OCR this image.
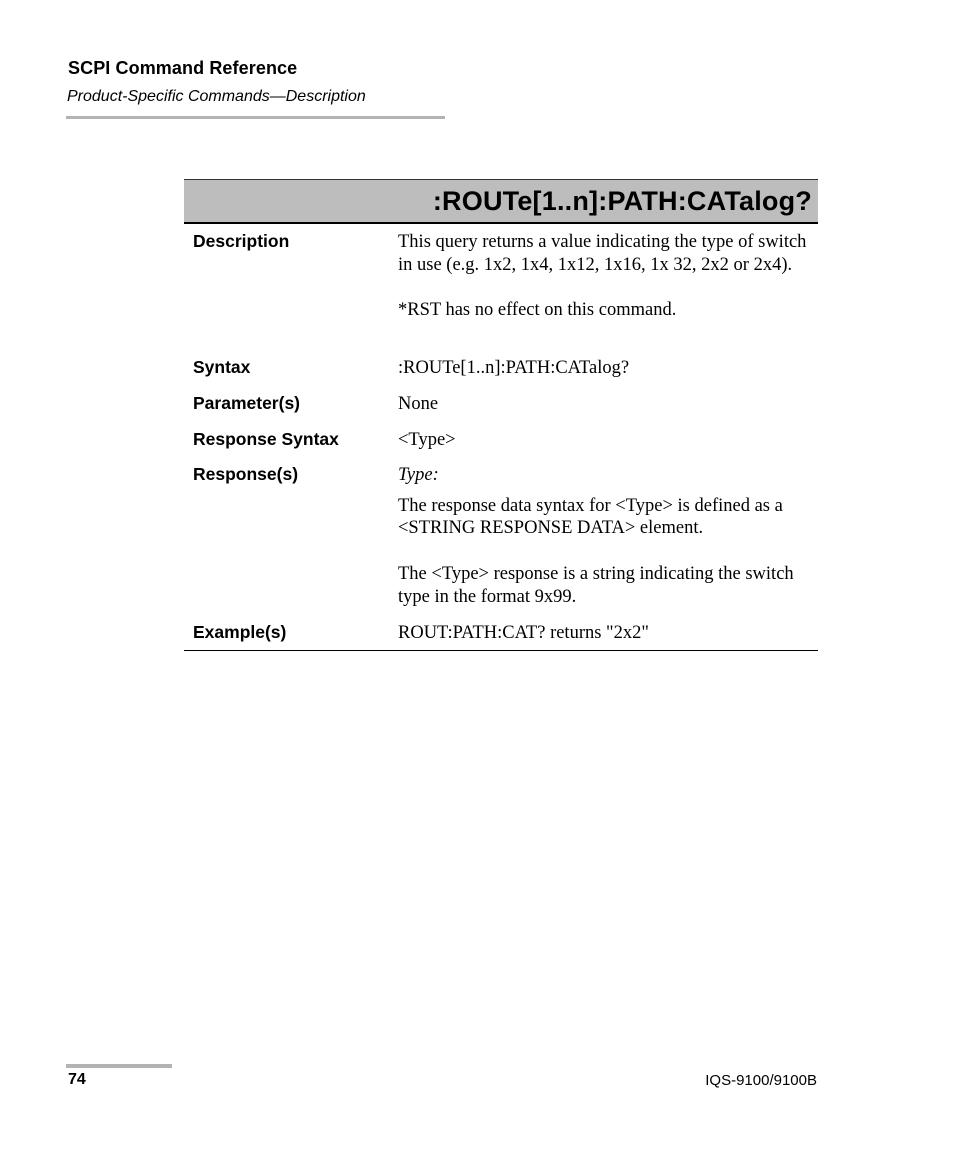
SCPI Command Reference
Product-Specific Commands—Description
:ROUTe[1..n]:PATH:CATalog?
Description	This query returns a value indicating the type of switch in use (e.g. 1x2, 1x4, 1x12, 1x16, 1x 32, 2x2 or 2x4).

*RST has no effect on this command.

Syntax	:ROUTe[1..n]:PATH:CATalog?
Parameter(s)	None
Response Syntax	<Type>
Response(s)	Type:

The response data syntax for <Type> is defined as a <STRING RESPONSE DATA> element.

The <Type> response is a string indicating the switch type in the format 9x99.

Example(s)	ROUT:PATH:CAT? returns "2x2"
74	IQS-9100/9100B
